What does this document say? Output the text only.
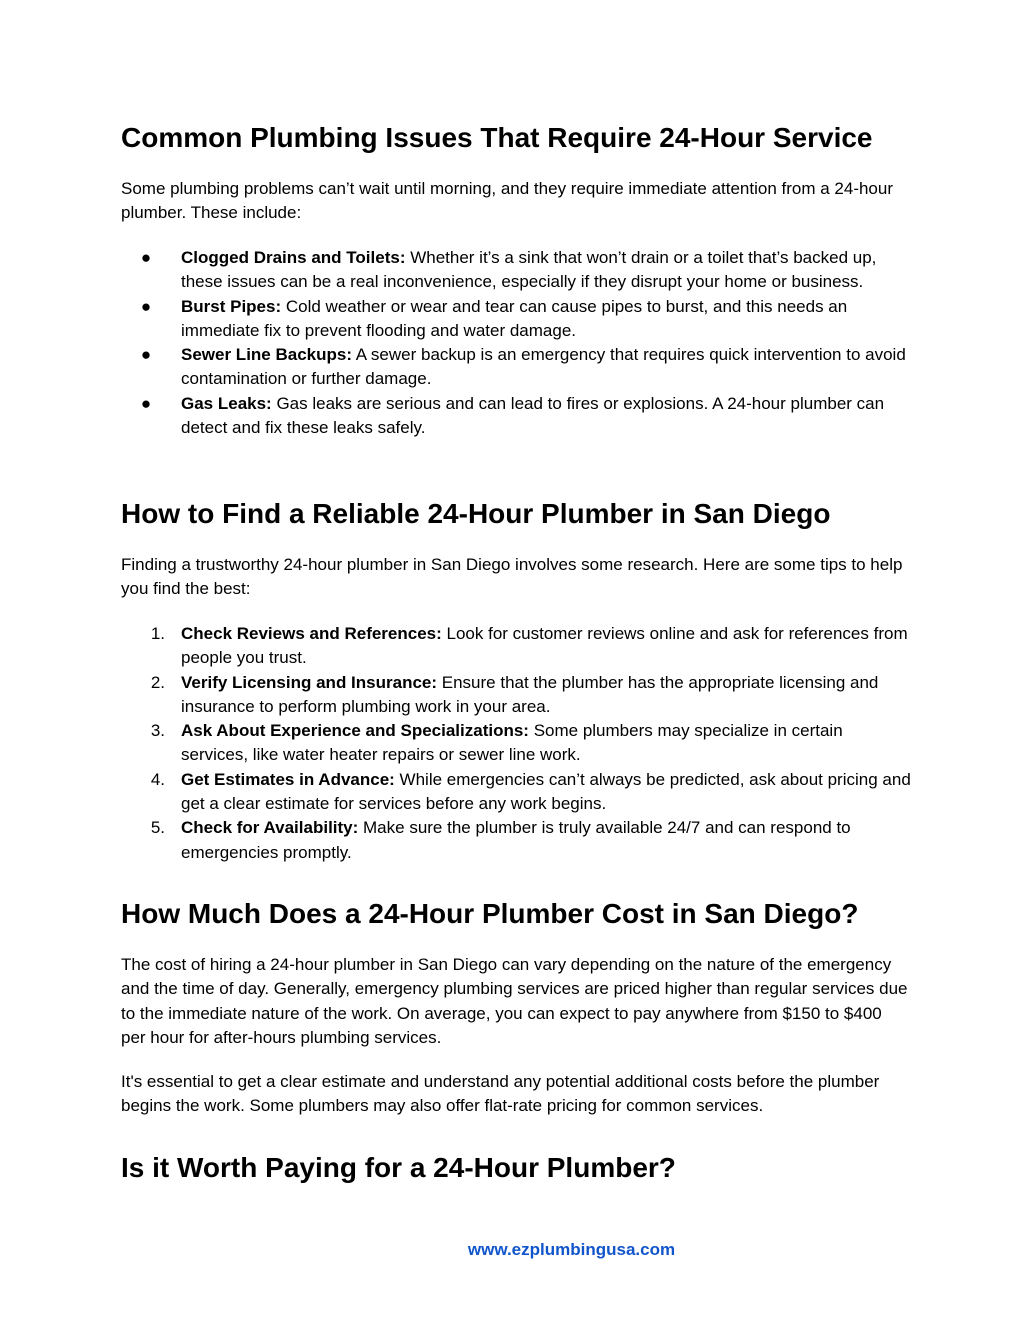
Common Plumbing Issues That Require 24-Hour Service

Some plumbing problems can’t wait until morning, and they require immediate attention from a 24-hour plumber. These include:

●	Clogged Drains and Toilets: Whether it’s a sink that won’t drain or a toilet that’s backed up, these issues can be a real inconvenience, especially if they disrupt your home or business.
●	Burst Pipes: Cold weather or wear and tear can cause pipes to burst, and this needs an immediate fix to prevent flooding and water damage.
●	Sewer Line Backups: A sewer backup is an emergency that requires quick intervention to avoid contamination or further damage.
●	Gas Leaks: Gas leaks are serious and can lead to fires or explosions. A 24-hour plumber can detect and fix these leaks safely.
How to Find a Reliable 24-Hour Plumber in San Diego

Finding a trustworthy 24-hour plumber in San Diego involves some research. Here are some tips to help you find the best:

1. Check Reviews and References: Look for customer reviews online and ask for references from people you trust.
2. Verify Licensing and Insurance: Ensure that the plumber has the appropriate licensing and insurance to perform plumbing work in your area.
3. Ask About Experience and Specializations: Some plumbers may specialize in certain services, like water heater repairs or sewer line work.
4. Get Estimates in Advance: While emergencies can’t always be predicted, ask about pricing and get a clear estimate for services before any work begins.
5. Check for Availability: Make sure the plumber is truly available 24/7 and can respond to emergencies promptly.
How Much Does a 24-Hour Plumber Cost in San Diego?

The cost of hiring a 24-hour plumber in San Diego can vary depending on the nature of the emergency and the time of day. Generally, emergency plumbing services are priced higher than regular services due to the immediate nature of the work. On average, you can expect to pay anywhere from $150 to $400 per hour for after-hours plumbing services.

It's essential to get a clear estimate and understand any potential additional costs before the plumber begins the work. Some plumbers may also offer flat-rate pricing for common services.

Is it Worth Paying for a 24-Hour Plumber?
www.ezplumbingusa.com
